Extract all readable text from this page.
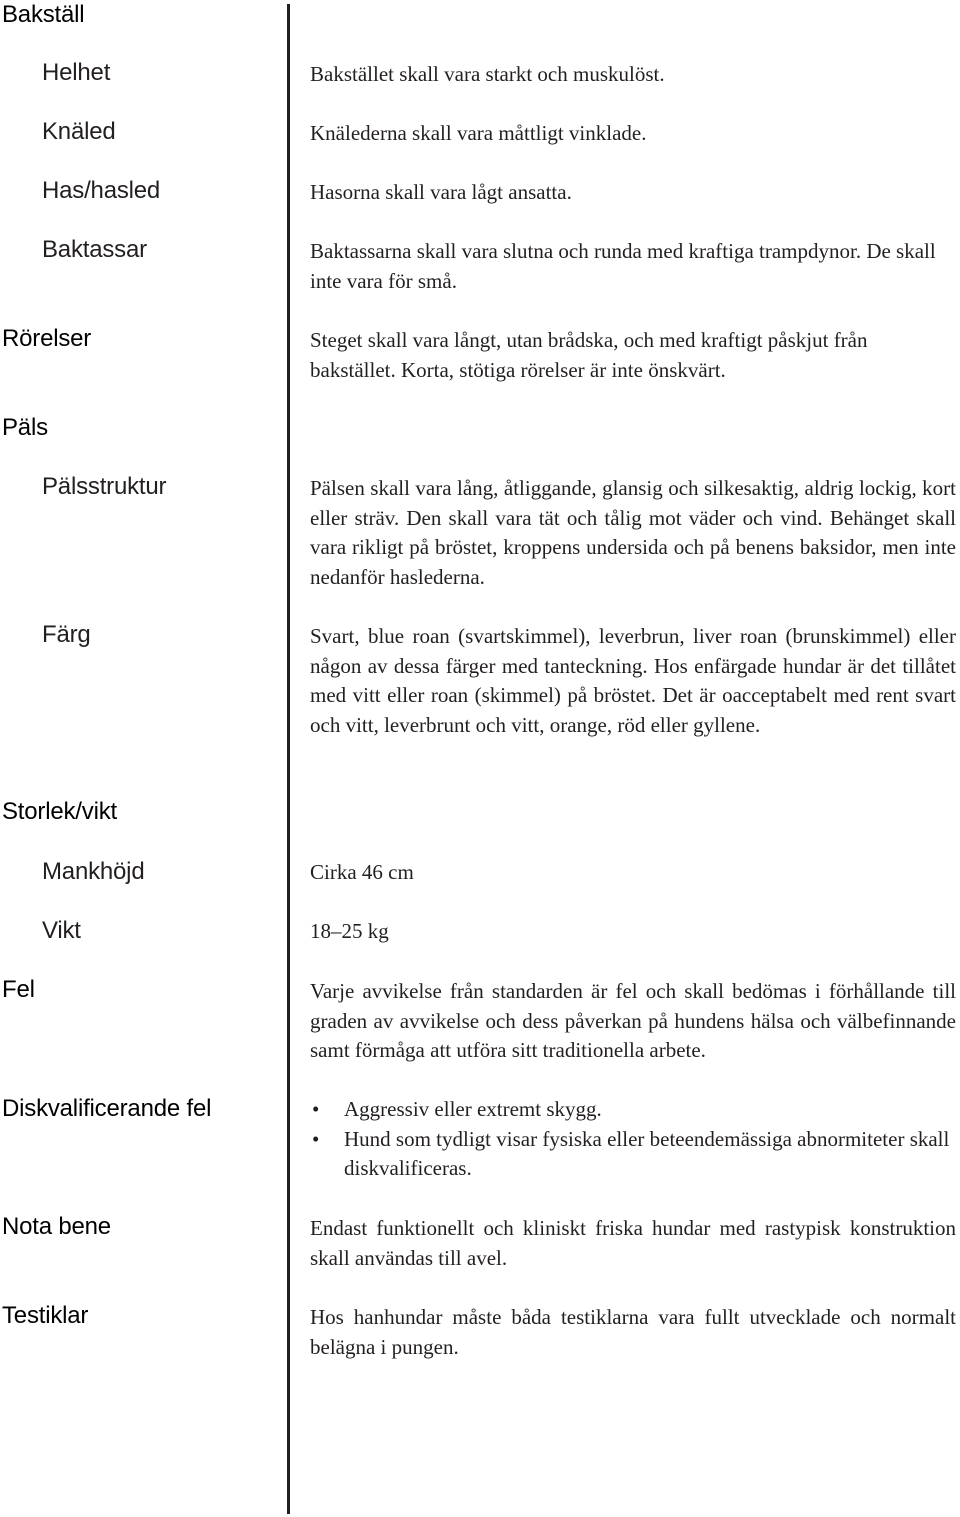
Bakställ
Helhet	Bakstället skall vara starkt och muskulöst.

Knäled	Knälederna skall vara måttligt vinklade.

Has/hasled	Hasorna skall vara lågt ansatta.

Baktassar	Baktassarna skall vara slutna och runda med kraftiga trampdynor. De skall inte vara för små.

Rörelser	Steget skall vara långt, utan brådska, och med kraftigt påskjut från bakstället. Korta, stötiga rörelser är inte önskvärt.

Päls
Pälsstruktur	Pälsen skall vara lång, åtliggande, glansig och silkesaktig, aldrig lockig, kort eller sträv. Den skall vara tät och tålig mot väder och vind. Behänget skall vara rikligt på bröstet, kroppens undersida och på benens baksidor, men inte nedanför haslederna.

Färg	Svart, blue roan (svartskimmel), leverbrun, liver roan (brunskimmel) eller någon av dessa färger med tanteckning. Hos enfärgade hundar är det tillåtet med vitt eller roan (skimmel) på bröstet. Det är oacceptabelt med rent svart och vitt, leverbrunt och vitt, orange, röd eller gyllene.

Storlek/vikt
Mankhöjd	Cirka 46 cm

Vikt	18–25 kg

Fel	Varje avvikelse från standarden är fel och skall bedömas i förhållande till graden av avvikelse och dess påverkan på hundens hälsa och välbefinnande samt förmåga att utföra sitt traditionella arbete.

Diskvalificerande fel	• Aggressiv eller extremt skygg.
• Hund som tydligt visar fysiska eller beteendemässiga abnormiteter skall diskvalificeras.
Nota bene	Endast funktionellt och kliniskt friska hundar med rastypisk konstruktion skall användas till avel.

Testiklar	Hos hanhundar måste båda testiklarna vara fullt utvecklade och normalt belägna i pungen.
